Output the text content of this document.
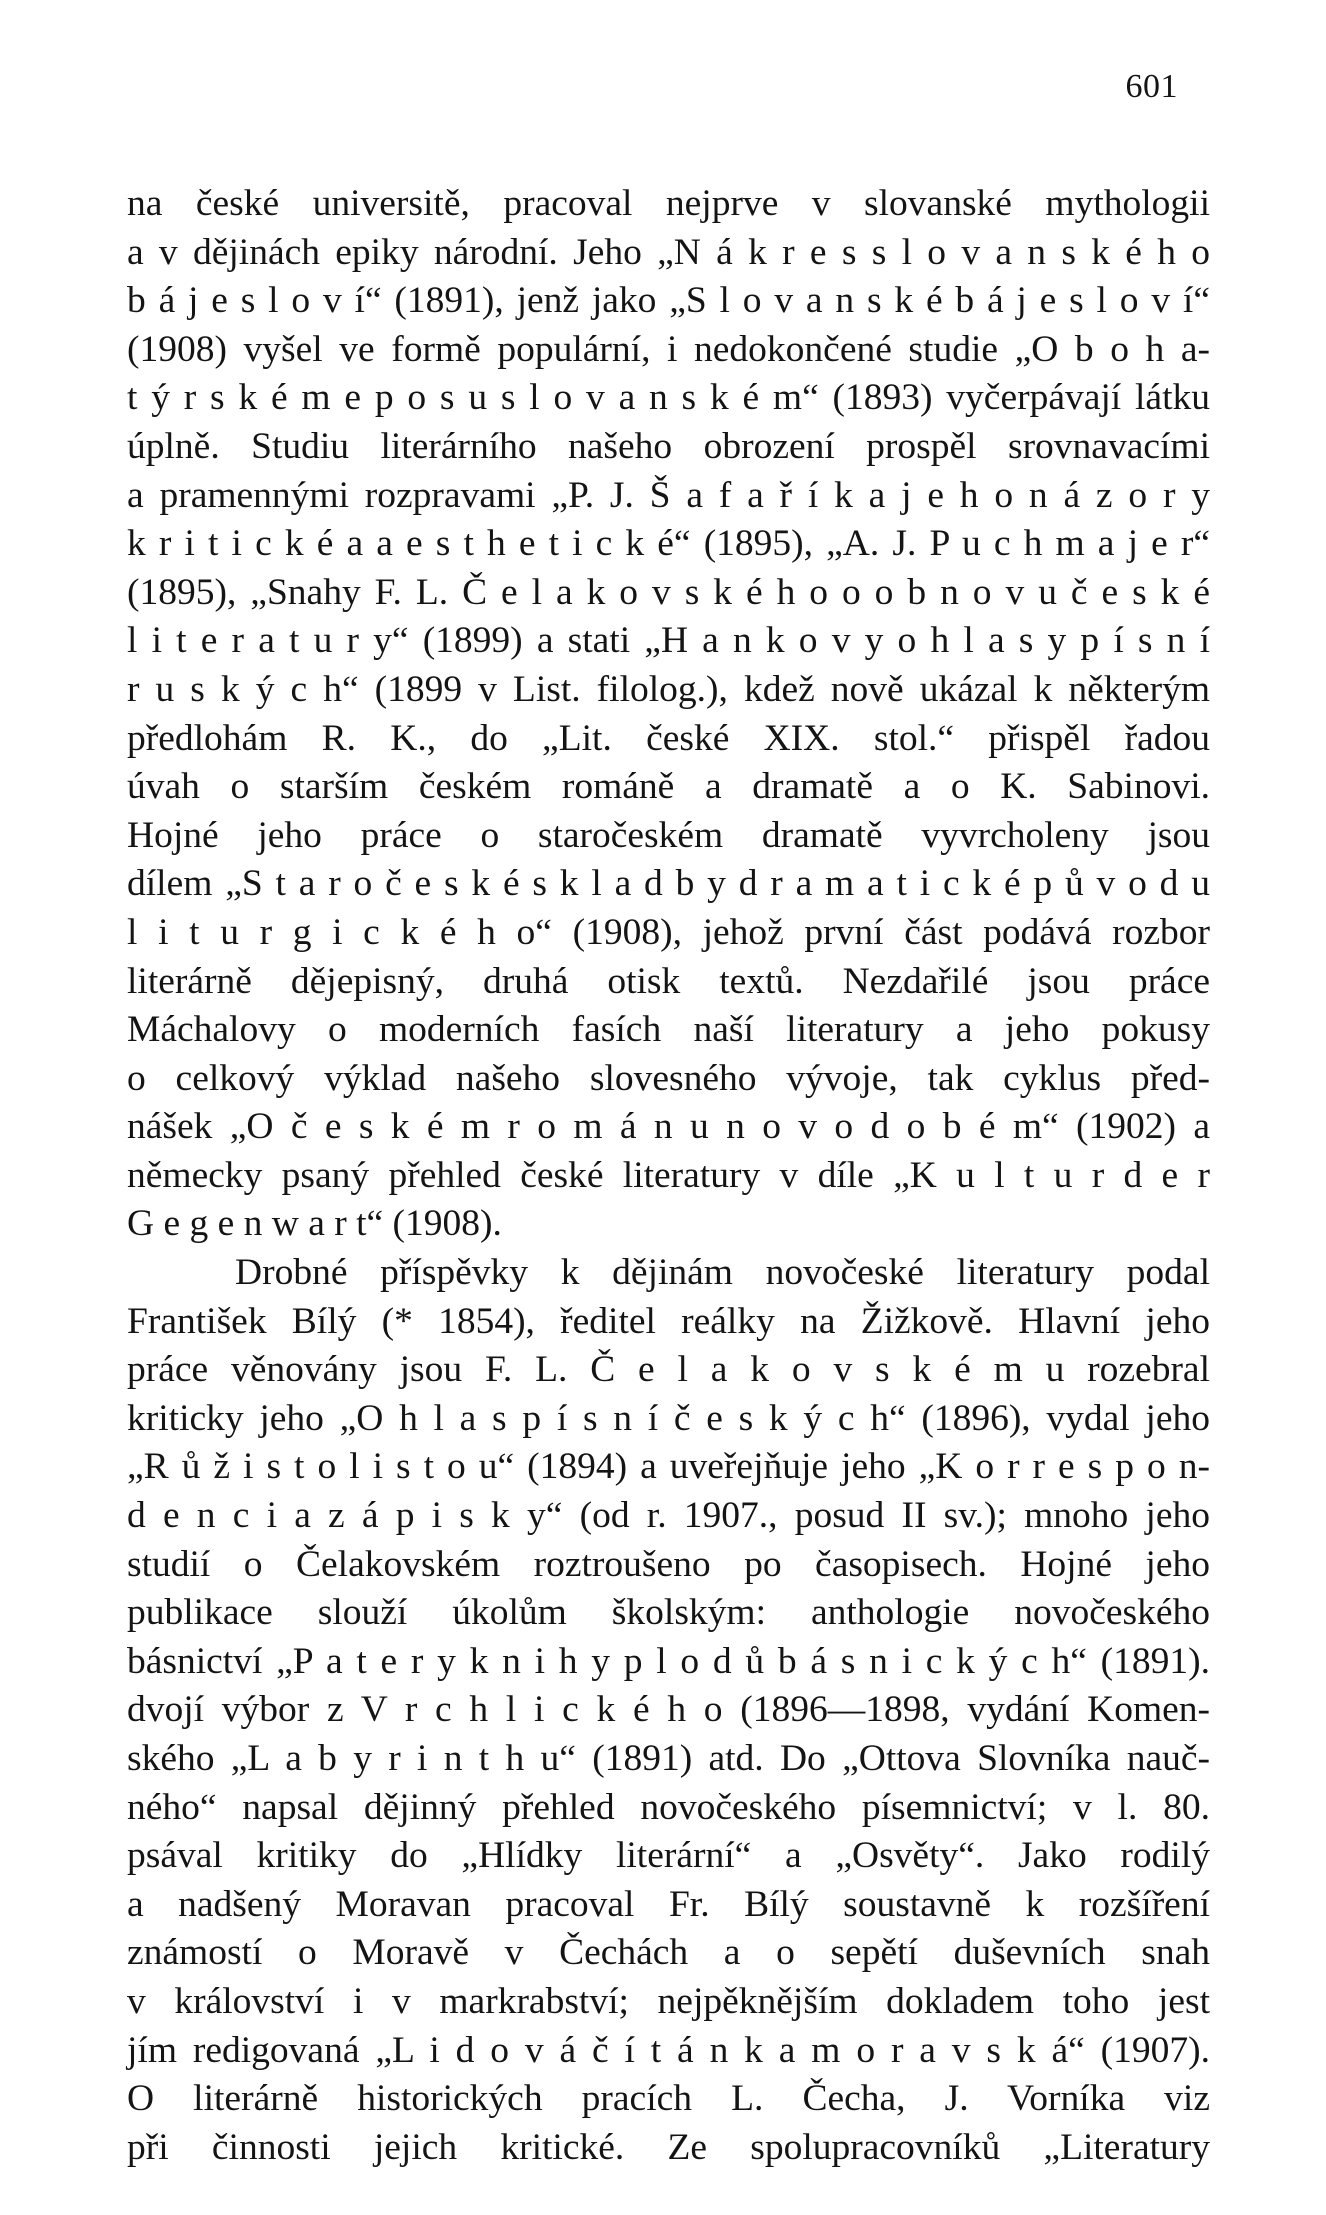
601
na české universitě, pracoval nejprve v slovanské mythologii
a v dějinách epiky národní. Jeho „N á k r e s s l o v a n s k é h o
b á j e s l o v í“ (1891), jenž jako „S l o v a n s k é b á j e s l o v í“
(1908) vyšel ve formě populární, i nedokončené studie „O b o h a-
t ý r s k é m e p o s u s l o v a n s k é m“ (1893) vyčerpávají látku
úplně. Studiu literárního našeho obrození prospěl srovnavacími
a pramennými rozpravami „P. J. Š a f a ř í k a j e h o n á z o r y
k r i t i c k é a a e s t h e t i c k é“ (1895), „A. J. P u c h m a j e r“
(1895), „Snahy F. L. Č e l a k o v s k é h o o o b n o v u č e s k é
l i t e r a t u r y“ (1899) a stati „H a n k o v y o h l a s y p í s n í
r u s k ý c h“ (1899 v List. filolog.), kdež nově ukázal k některým
předlohám R. K., do „Lit. české XIX. stol.“ přispěl řadou
úvah o starším českém románě a dramatě a o K. Sabinovi.
Hojné jeho práce o staročeském dramatě vyvrcholeny jsou
dílem „S t a r o č e s k é s k l a d b y d r a m a t i c k é p ů v o d u
l i t u r g i c k é h o“ (1908), jehož první část podává rozbor
literárně dějepisný, druhá otisk textů. Nezdařilé jsou práce
Máchalovy o moderních fasích naší literatury a jeho pokusy
o celkový výklad našeho slovesného vývoje, tak cyklus před-
nášek „O č e s k é m r o m á n u n o v o d o b é m“ (1902) a
německy psaný přehled české literatury v díle „K u l t u r d e r
G e g e n w a r t“ (1908).
Drobné příspěvky k dějinám novočeské literatury podal
František Bílý (* 1854), ředitel reálky na Žižkově. Hlavní jeho
práce věnovány jsou F. L. Č e l a k o v s k é m u rozebral
kriticky jeho „O h l a s p í s n í č e s k ý c h“ (1896), vydal jeho
„R ů ž i s t o l i s t o u“ (1894) a uveřejňuje jeho „K o r r e s p o n-
d e n c i a z á p i s k y“ (od r. 1907., posud II sv.); mnoho jeho
studií o Čelakovském roztroušeno po časopisech. Hojné jeho
publikace slouží úkolům školským: anthologie novočeského
básnictví „P a t e r y k n i h y p l o d ů b á s n i c k ý c h“ (1891).
dvojí výbor z V r c h l i c k é h o (1896—1898, vydání Komen-
ského „L a b y r i n t h u“ (1891) atd. Do „Ottova Slovníka nauč-
ného“ napsal dějinný přehled novočeského písemnictví; v l. 80.
psával kritiky do „Hlídky literární“ a „Osvěty“. Jako rodilý
a nadšený Moravan pracoval Fr. Bílý soustavně k rozšíření
známostí o Moravě v Čechách a o sepětí duševních snah
v království i v markrabství; nejpěknějším dokladem toho jest
jím redigovaná „L i d o v á č í t á n k a m o r a v s k á“ (1907).
O literárně historických pracích L. Čecha, J. Vorníka viz
při činnosti jejich kritické. Ze spolupracovníků „Literatury
